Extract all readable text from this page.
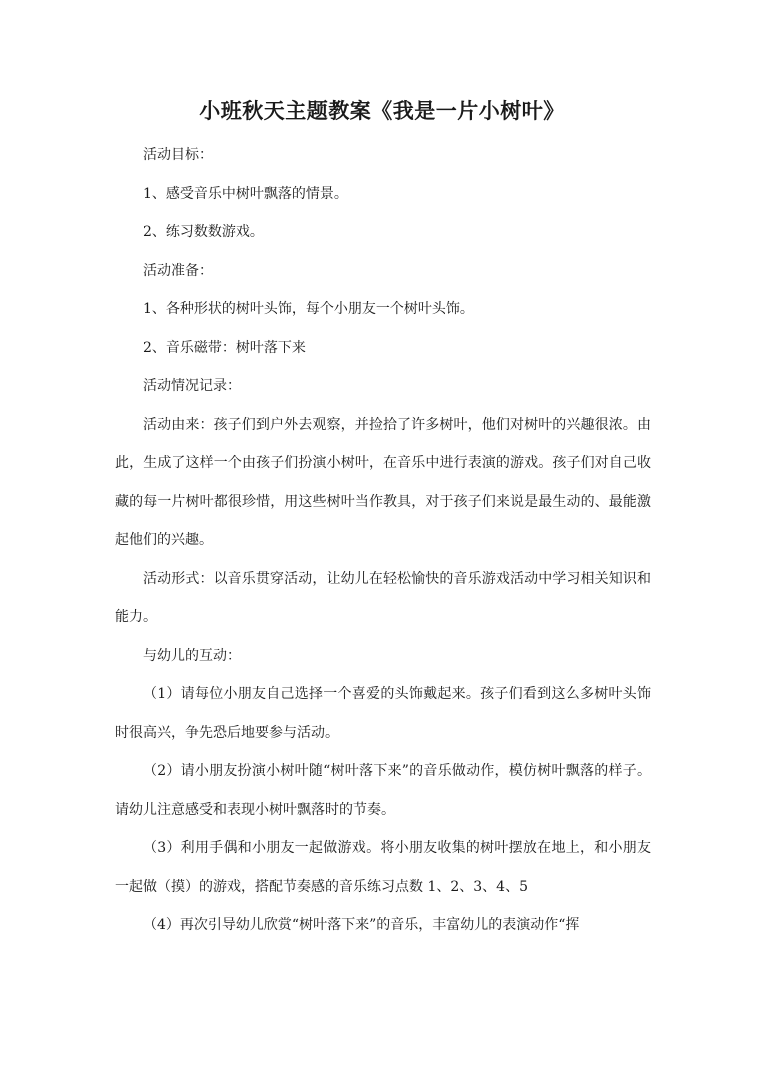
小班秋天主题教案《我是一片小树叶》

活动目标：

1、感受音乐中树叶飘落的情景。

2、练习数数游戏。

活动准备：

1、各种形状的树叶头饰，每个小朋友一个树叶头饰。

2、音乐磁带：树叶落下来

活动情况记录：

活动由来：孩子们到户外去观察，并捡拾了许多树叶，他们对树叶的兴趣很浓。由此，生成了这样一个由孩子们扮演小树叶，在音乐中进行表演的游戏。孩子们对自己收藏的每一片树叶都很珍惜，用这些树叶当作教具，对于孩子们来说是最生动的、最能激起他们的兴趣。

活动形式：以音乐贯穿活动，让幼儿在轻松愉快的音乐游戏活动中学习相关知识和能力。

与幼儿的互动：

（1）请每位小朋友自己选择一个喜爱的头饰戴起来。孩子们看到这么多树叶头饰时很高兴，争先恐后地要参与活动。

（2）请小朋友扮演小树叶随“树叶落下来”的音乐做动作，模仿树叶飘落的样子。请幼儿注意感受和表现小树叶飘落时的节奏。

（3）利用手偶和小朋友一起做游戏。将小朋友收集的树叶摆放在地上，和小朋友一起做（摸）的游戏，搭配节奏感的音乐练习点数 1、2、3、4、5

（4）再次引导幼儿欣赏“树叶落下来”的音乐，丰富幼儿的表演动作“挥
